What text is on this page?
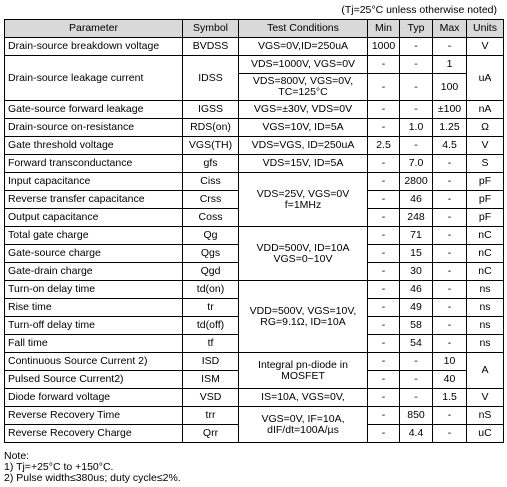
(Tj=25°C unless otherwise noted)
Parameter	Symbol	Test Conditions	Min	Typ	Max	Units
Drain-source breakdown voltage	BVDSS	VGS=0V,ID=250uA	1000	-	-	V
Drain-source leakage current	IDSS	VDS=1000V, VGS=0V	-	-	1	uA
		VDS=800V, VGS=0V, TC=125°C	-	-	100	
Gate-source forward leakage	IGSS	VGS=±30V, VDS=0V	-	-	±100	nA
Drain-source on-resistance	RDS(on)	VGS=10V, ID=5A	-	1.0	1.25	Ω
Gate threshold voltage	VGS(TH)	VDS=VGS, ID=250uA	2.5	-	4.5	V
Forward transconductance	gfs	VDS=15V, ID=5A	-	7.0	-	S
Input capacitance	Ciss	VDS=25V, VGS=0V f=1MHz	-	2800	-	pF
Reverse transfer capacitance	Crss		-	46	-	pF
Output capacitance	Coss		-	248	-	pF
Total gate charge	Qg	VDD=500V, ID=10A VGS=0~10V	-	71	-	nC
Gate-source charge	Qgs		-	15	-	nC
Gate-drain charge	Qgd		-	30	-	nC
Turn-on delay time	td(on)	VDD=500V, VGS=10V, RG=9.1Ω, ID=10A	-	46	-	ns
Rise time	tr		-	49	-	ns
Turn-off delay time	td(off)		-	58	-	ns
Fall time	tf		-	54	-	ns
Continuous Source Current 2)	ISD	Integral pn-diode in MOSFET	-	-	10	A
Pulsed Source Current2)	ISM		-	-	40	
Diode forward voltage	VSD	IS=10A, VGS=0V,	-	-	1.5	V
Reverse Recovery Time	trr	VGS=0V, IF=10A, dIF/dt=100A/µs	-	850	-	nS
Reverse Recovery Charge	Qrr		-	4.4	-	uC
Note:
1) Tj=+25°C to +150°C.
2) Pulse width≤380us; duty cycle≤2%.
